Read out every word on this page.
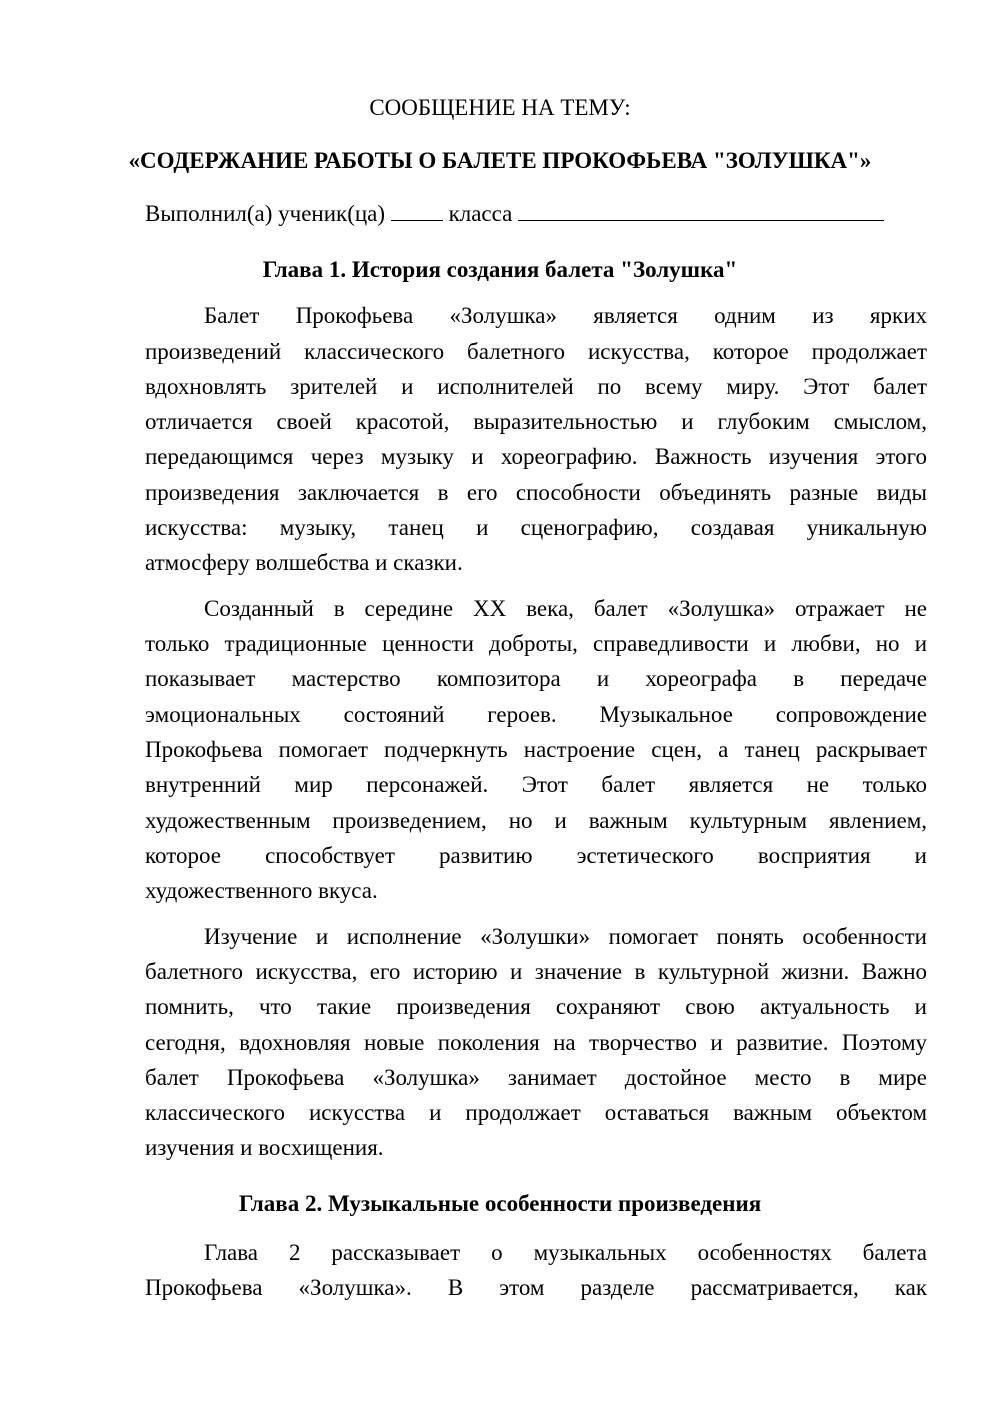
СООБЩЕНИЕ НА ТЕМУ:
«СОДЕРЖАНИЕ РАБОТЫ О БАЛЕТЕ ПРОКОФЬЕВА "ЗОЛУШКА"»
Выполнил(а) ученик(ца)	класса
Глава 1. История создания балета "Золушка"
Балет Прокофьева «Золушка» является одним из ярких
произведений классического балетного искусства, которое продолжает
вдохновлять зрителей и исполнителей по всему миру. Этот балет
отличается своей красотой, выразительностью и глубоким смыслом,
передающимся через музыку и хореографию. Важность изучения этого
произведения заключается в его способности объединять разные виды
искусства: музыку, танец и сценографию, создавая уникальную
атмосферу волшебства и сказки.
Созданный в середине XX века, балет «Золушка» отражает не
только традиционные ценности доброты, справедливости и любви, но и
показывает мастерство композитора и хореографа в передаче
эмоциональных состояний героев. Музыкальное сопровождение
Прокофьева помогает подчеркнуть настроение сцен, а танец раскрывает
внутренний мир персонажей. Этот балет является не только
художественным произведением, но и важным культурным явлением,
которое способствует развитию эстетического восприятия и
художественного вкуса.
Изучение и исполнение «Золушки» помогает понять особенности
балетного искусства, его историю и значение в культурной жизни. Важно
помнить, что такие произведения сохраняют свою актуальность и
сегодня, вдохновляя новые поколения на творчество и развитие. Поэтому
балет Прокофьева «Золушка» занимает достойное место в мире
классического искусства и продолжает оставаться важным объектом
изучения и восхищения.
Глава 2. Музыкальные особенности произведения
Глава 2 рассказывает о музыкальных особенностях балета
Прокофьева «Золушка». В этом разделе рассматривается, как
